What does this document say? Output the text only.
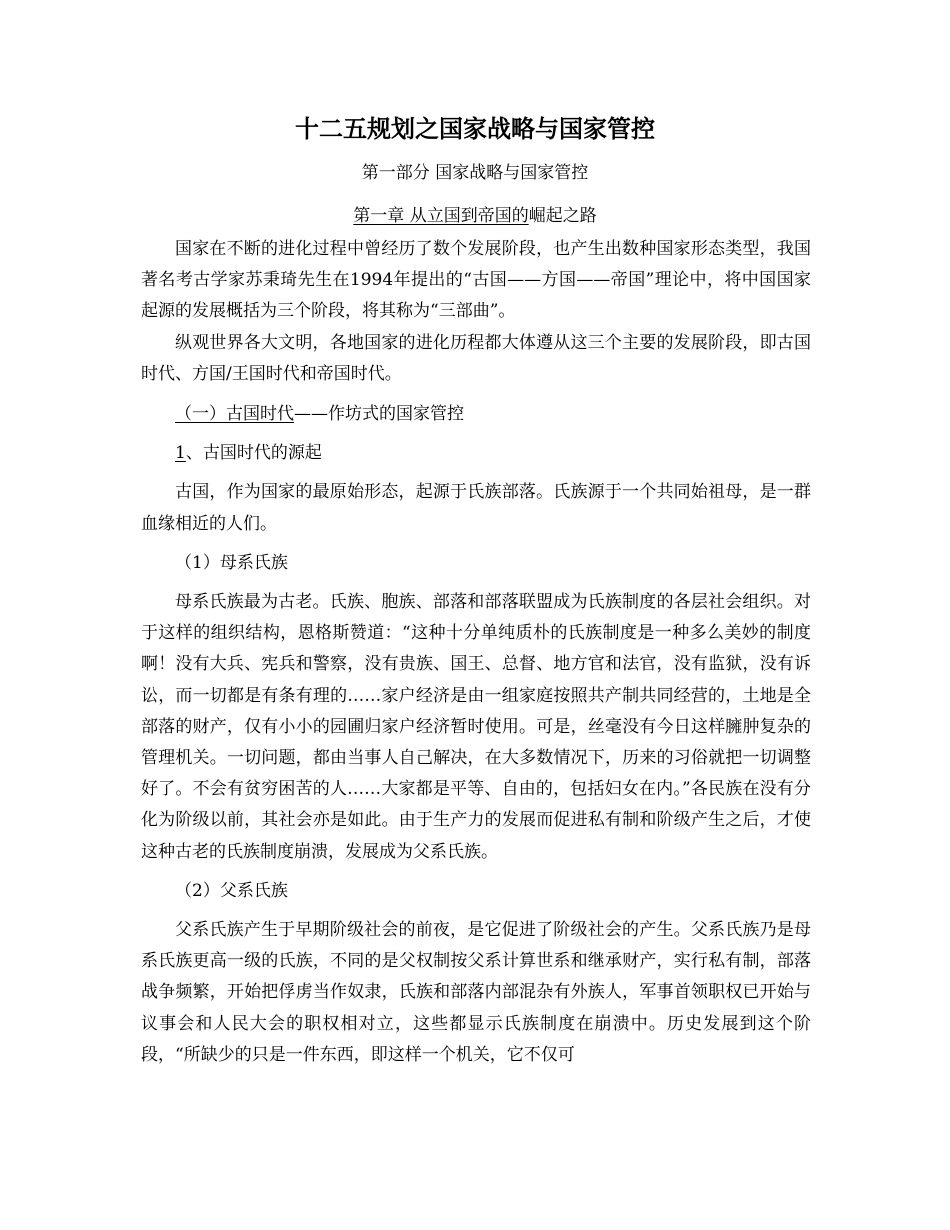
十二五规划之国家战略与国家管控
第一部分 国家战略与国家管控
第一章 从立国到帝国的崛起之路

国家在不断的进化过程中曾经历了数个发展阶段，也产生出数种国家形态类型，我国著名考古学家苏秉琦先生在1994年提出的“古国——方国——帝国”理论中，将中国国家起源的发展概括为三个阶段，将其称为“三部曲”。

纵观世界各大文明，各地国家的进化历程都大体遵从这三个主要的发展阶段，即古国时代、方国/王国时代和帝国时代。

（一）古国时代——作坊式的国家管控

1、古国时代的源起

古国，作为国家的最原始形态，起源于氏族部落。氏族源于一个共同始祖母，是一群血缘相近的人们。

（1）母系氏族

母系氏族最为古老。氏族、胞族、部落和部落联盟成为氏族制度的各层社会组织。对于这样的组织结构，恩格斯赞道：“这种十分单纯质朴的氏族制度是一种多么美妙的制度啊！没有大兵、宪兵和警察，没有贵族、国王、总督、地方官和法官，没有监狱，没有诉讼，而一切都是有条有理的……家户经济是由一组家庭按照共产制共同经营的，土地是全部落的财产，仅有小小的园圃归家户经济暂时使用。可是，丝毫没有今日这样臃肿复杂的管理机关。一切问题，都由当事人自己解决，在大多数情况下，历来的习俗就把一切调整好了。不会有贫穷困苦的人……大家都是平等、自由的，包括妇女在内。”各民族在没有分化为阶级以前，其社会亦是如此。由于生产力的发展而促进私有制和阶级产生之后，才使这种古老的氏族制度崩溃，发展成为父系氏族。

（2）父系氏族

父系氏族产生于早期阶级社会的前夜，是它促进了阶级社会的产生。父系氏族乃是母系氏族更高一级的氏族，不同的是父权制按父系计算世系和继承财产，实行私有制，部落战争频繁，开始把俘虏当作奴隶，氏族和部落内部混杂有外族人，军事首领职权已开始与议事会和人民大会的职权相对立，这些都显示氏族制度在崩溃中。历史发展到这个阶段，“所缺少的只是一件东西，即这样一个机关，它不仅可
